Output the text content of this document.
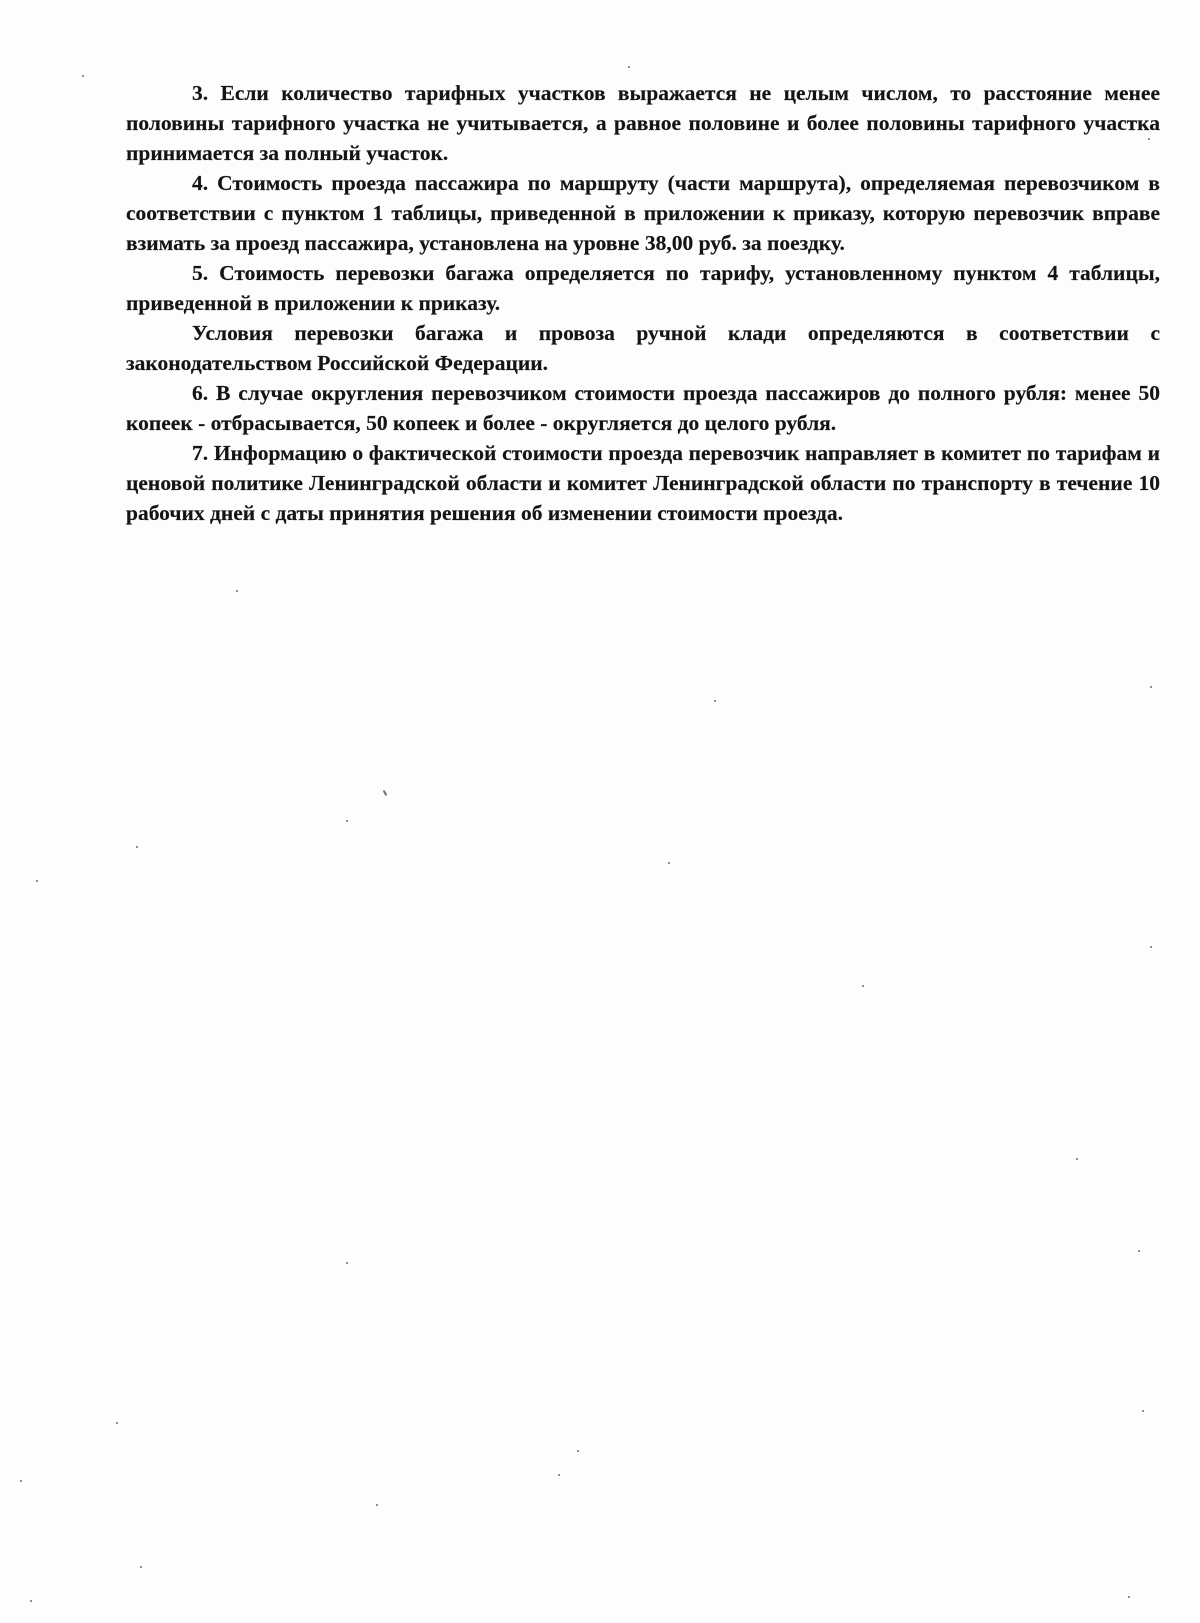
3. Если количество тарифных участков выражается не целым числом, то расстояние менее половины тарифного участка не учитывается, а равное половине и более половины тарифного участка принимается за полный участок.

4. Стоимость проезда пассажира по маршруту (части маршрута), определяемая перевозчиком в соответствии с пунктом 1 таблицы, приведенной в приложении к приказу, которую перевозчик вправе взимать за проезд пассажира, установлена на уровне 38,00 руб. за поездку.

5. Стоимость перевозки багажа определяется по тарифу, установленному пунктом 4 таблицы, приведенной в приложении к приказу.

Условия перевозки багажа и провоза ручной клади определяются в соответствии с законодательством Российской Федерации.

6. В случае округления перевозчиком стоимости проезда пассажиров до полного рубля: менее 50 копеек - отбрасывается, 50 копеек и более - округляется до целого рубля.

7. Информацию о фактической стоимости проезда перевозчик направляет в комитет по тарифам и ценовой политике Ленинградской области и комитет Ленинградской области по транспорту в течение 10 рабочих дней с даты принятия решения об изменении стоимости проезда.
